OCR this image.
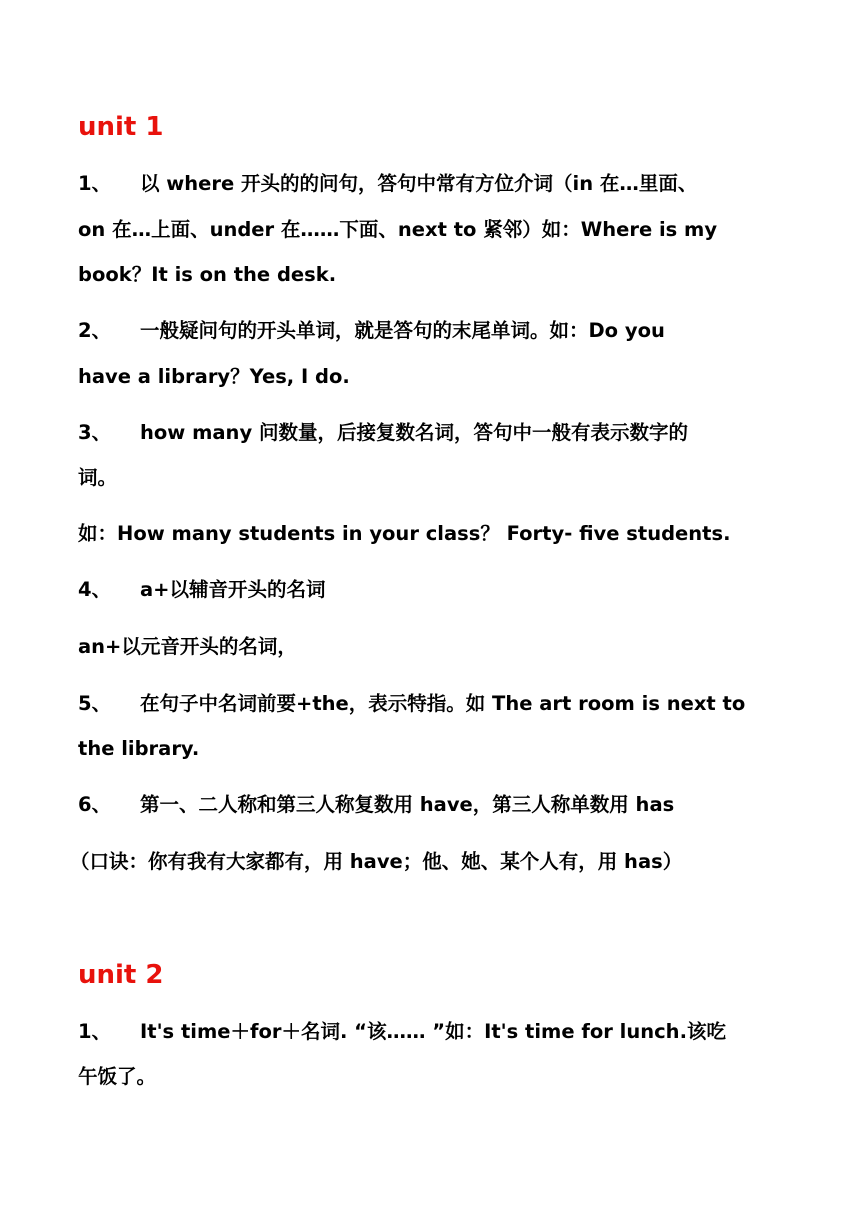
unit 1
1、 以 where 开头的的问句，答句中常有方位介词（in 在…里面、
on 在…上面、under 在……下面、next to 紧邻）如：Where is my
book？It is on the desk.
2、 一般疑问句的开头单词，就是答句的末尾单词。如：Do you
have a library？Yes, I do.
3、 how many 问数量，后接复数名词，答句中一般有表示数字的
词。
如：How many students in your class？ Forty- five students.
4、 a+以辅音开头的名词
an+以元音开头的名词，
5、 在句子中名词前要+the，表示特指。如 The art room is next to
the library.
6、 第一、二人称和第三人称复数用 have，第三人称单数用 has
（口诀：你有我有大家都有，用 have；他、她、某个人有，用 has）
unit 2
1、 It's time＋for＋名词. “该…… ”如：It's time for lunch.该吃
午饭了。
